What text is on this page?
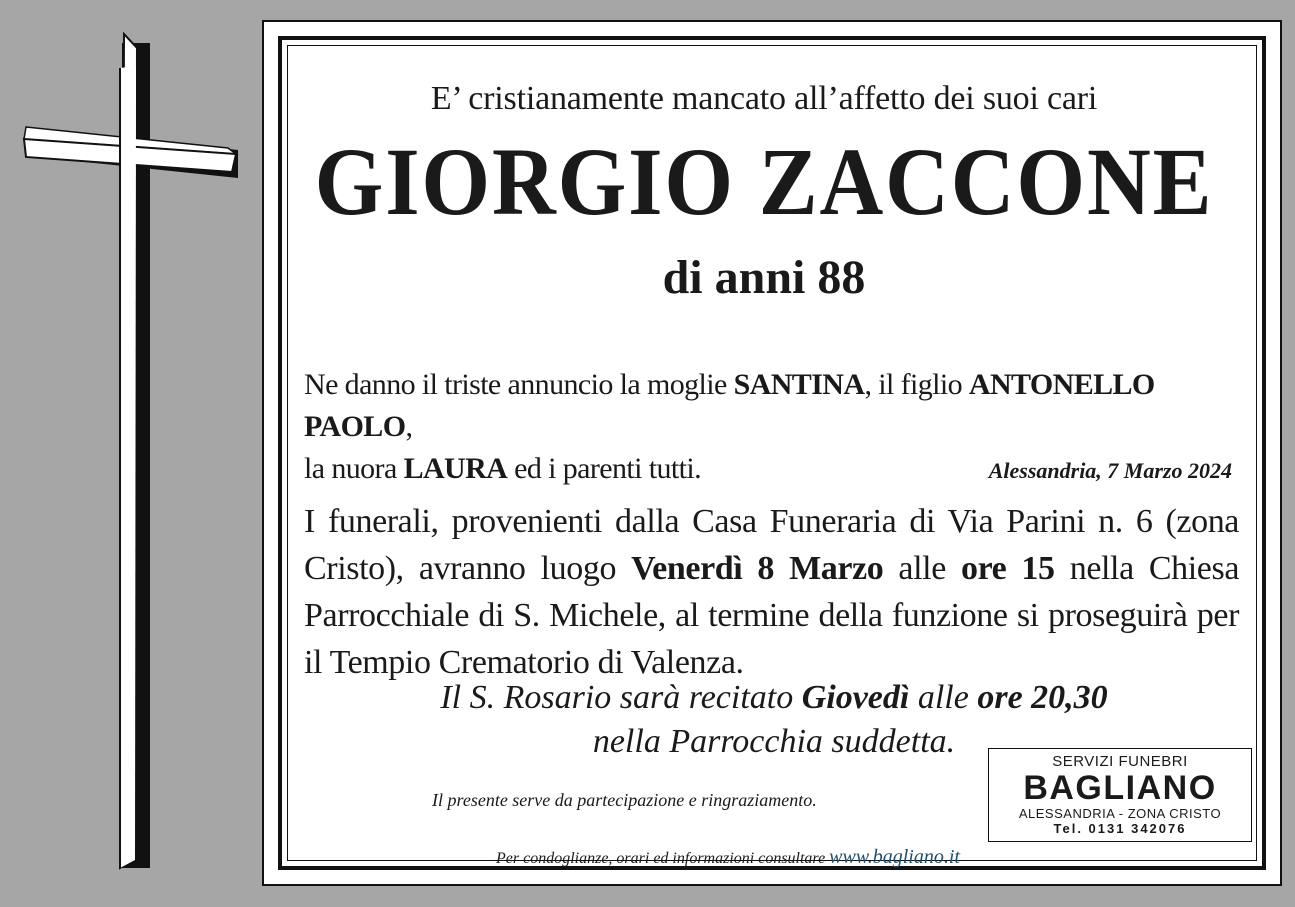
E’ cristianamente mancato all’affetto dei suoi cari
GIORGIO ZACCONE
di anni 88
Ne danno il triste annuncio la moglie SANTINA, il figlio ANTONELLO PAOLO,
la nuora LAURA ed i parenti tutti.	Alessandria, 7 Marzo 2024
I funerali, provenienti dalla Casa Funeraria di Via Parini n. 6 (zona Cristo), avranno luogo Venerdì 8 Marzo alle ore 15 nella Chiesa Parrocchiale di S. Michele, al termine della funzione si proseguirà per il Tempio Crematorio di Valenza.
Il S. Rosario sarà recitato Giovedì alle ore 20,30
nella Parrocchia suddetta.
Il presente serve da partecipazione e ringraziamento.
Per condoglianze, orari ed informazioni consultare www.bagliano.it
SERVIZI FUNEBRI
BAGLIANO
ALESSANDRIA - ZONA CRISTO
Tel. 0131 342076
